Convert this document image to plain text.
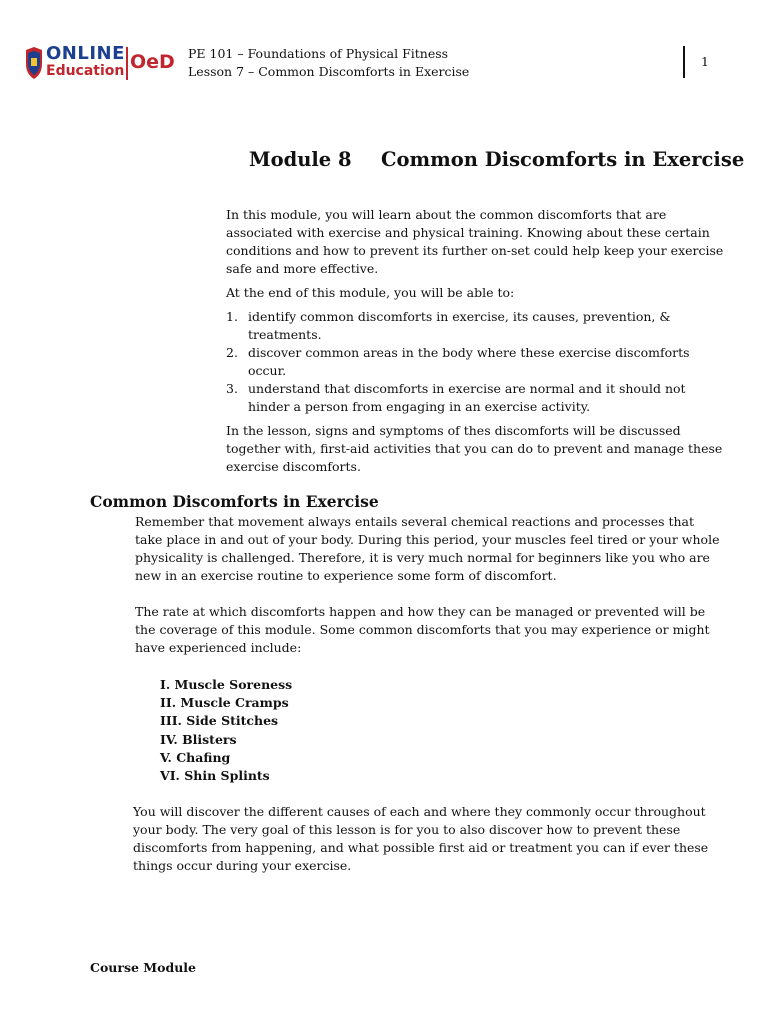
ONLINE
Education OeD PE 101 – Foundations of Physical Fitness
Lesson 7 – Common Discomforts in Exercise
1
Module 8 Common Discomforts in Exercise

In this module, you will learn about the common discomforts that are associated with exercise and physical training. Knowing about these certain conditions and how to prevent its further on-set could help keep your exercise safe and more effective.

At the end of this module, you will be able to:

1. identify common discomforts in exercise, its causes, prevention, & treatments.
2. discover common areas in the body where these exercise discomforts occur.
3. understand that discomforts in exercise are normal and it should not hinder a person from engaging in an exercise activity.

In the lesson, signs and symptoms of thes discomforts will be discussed together with, first-aid activities that you can do to prevent and manage these exercise discomforts.

Common Discomforts in Exercise

Remember that movement always entails several chemical reactions and processes that take place in and out of your body. During this period, your muscles feel tired or your whole physicality is challenged. Therefore, it is very much normal for beginners like you who are new in an exercise routine to experience some form of discomfort.

The rate at which discomforts happen and how they can be managed or prevented will be the coverage of this module. Some common discomforts that you may experience or might have experienced include:

I. Muscle Soreness
II. Muscle Cramps
III. Side Stitches
IV. Blisters
V. Chafing
VI. Shin Splints

You will discover the different causes of each and where they commonly occur throughout your body. The very goal of this lesson is for you to also discover how to prevent these discomforts from happening, and what possible first aid or treatment you can if ever these things occur during your exercise.

Course Module
